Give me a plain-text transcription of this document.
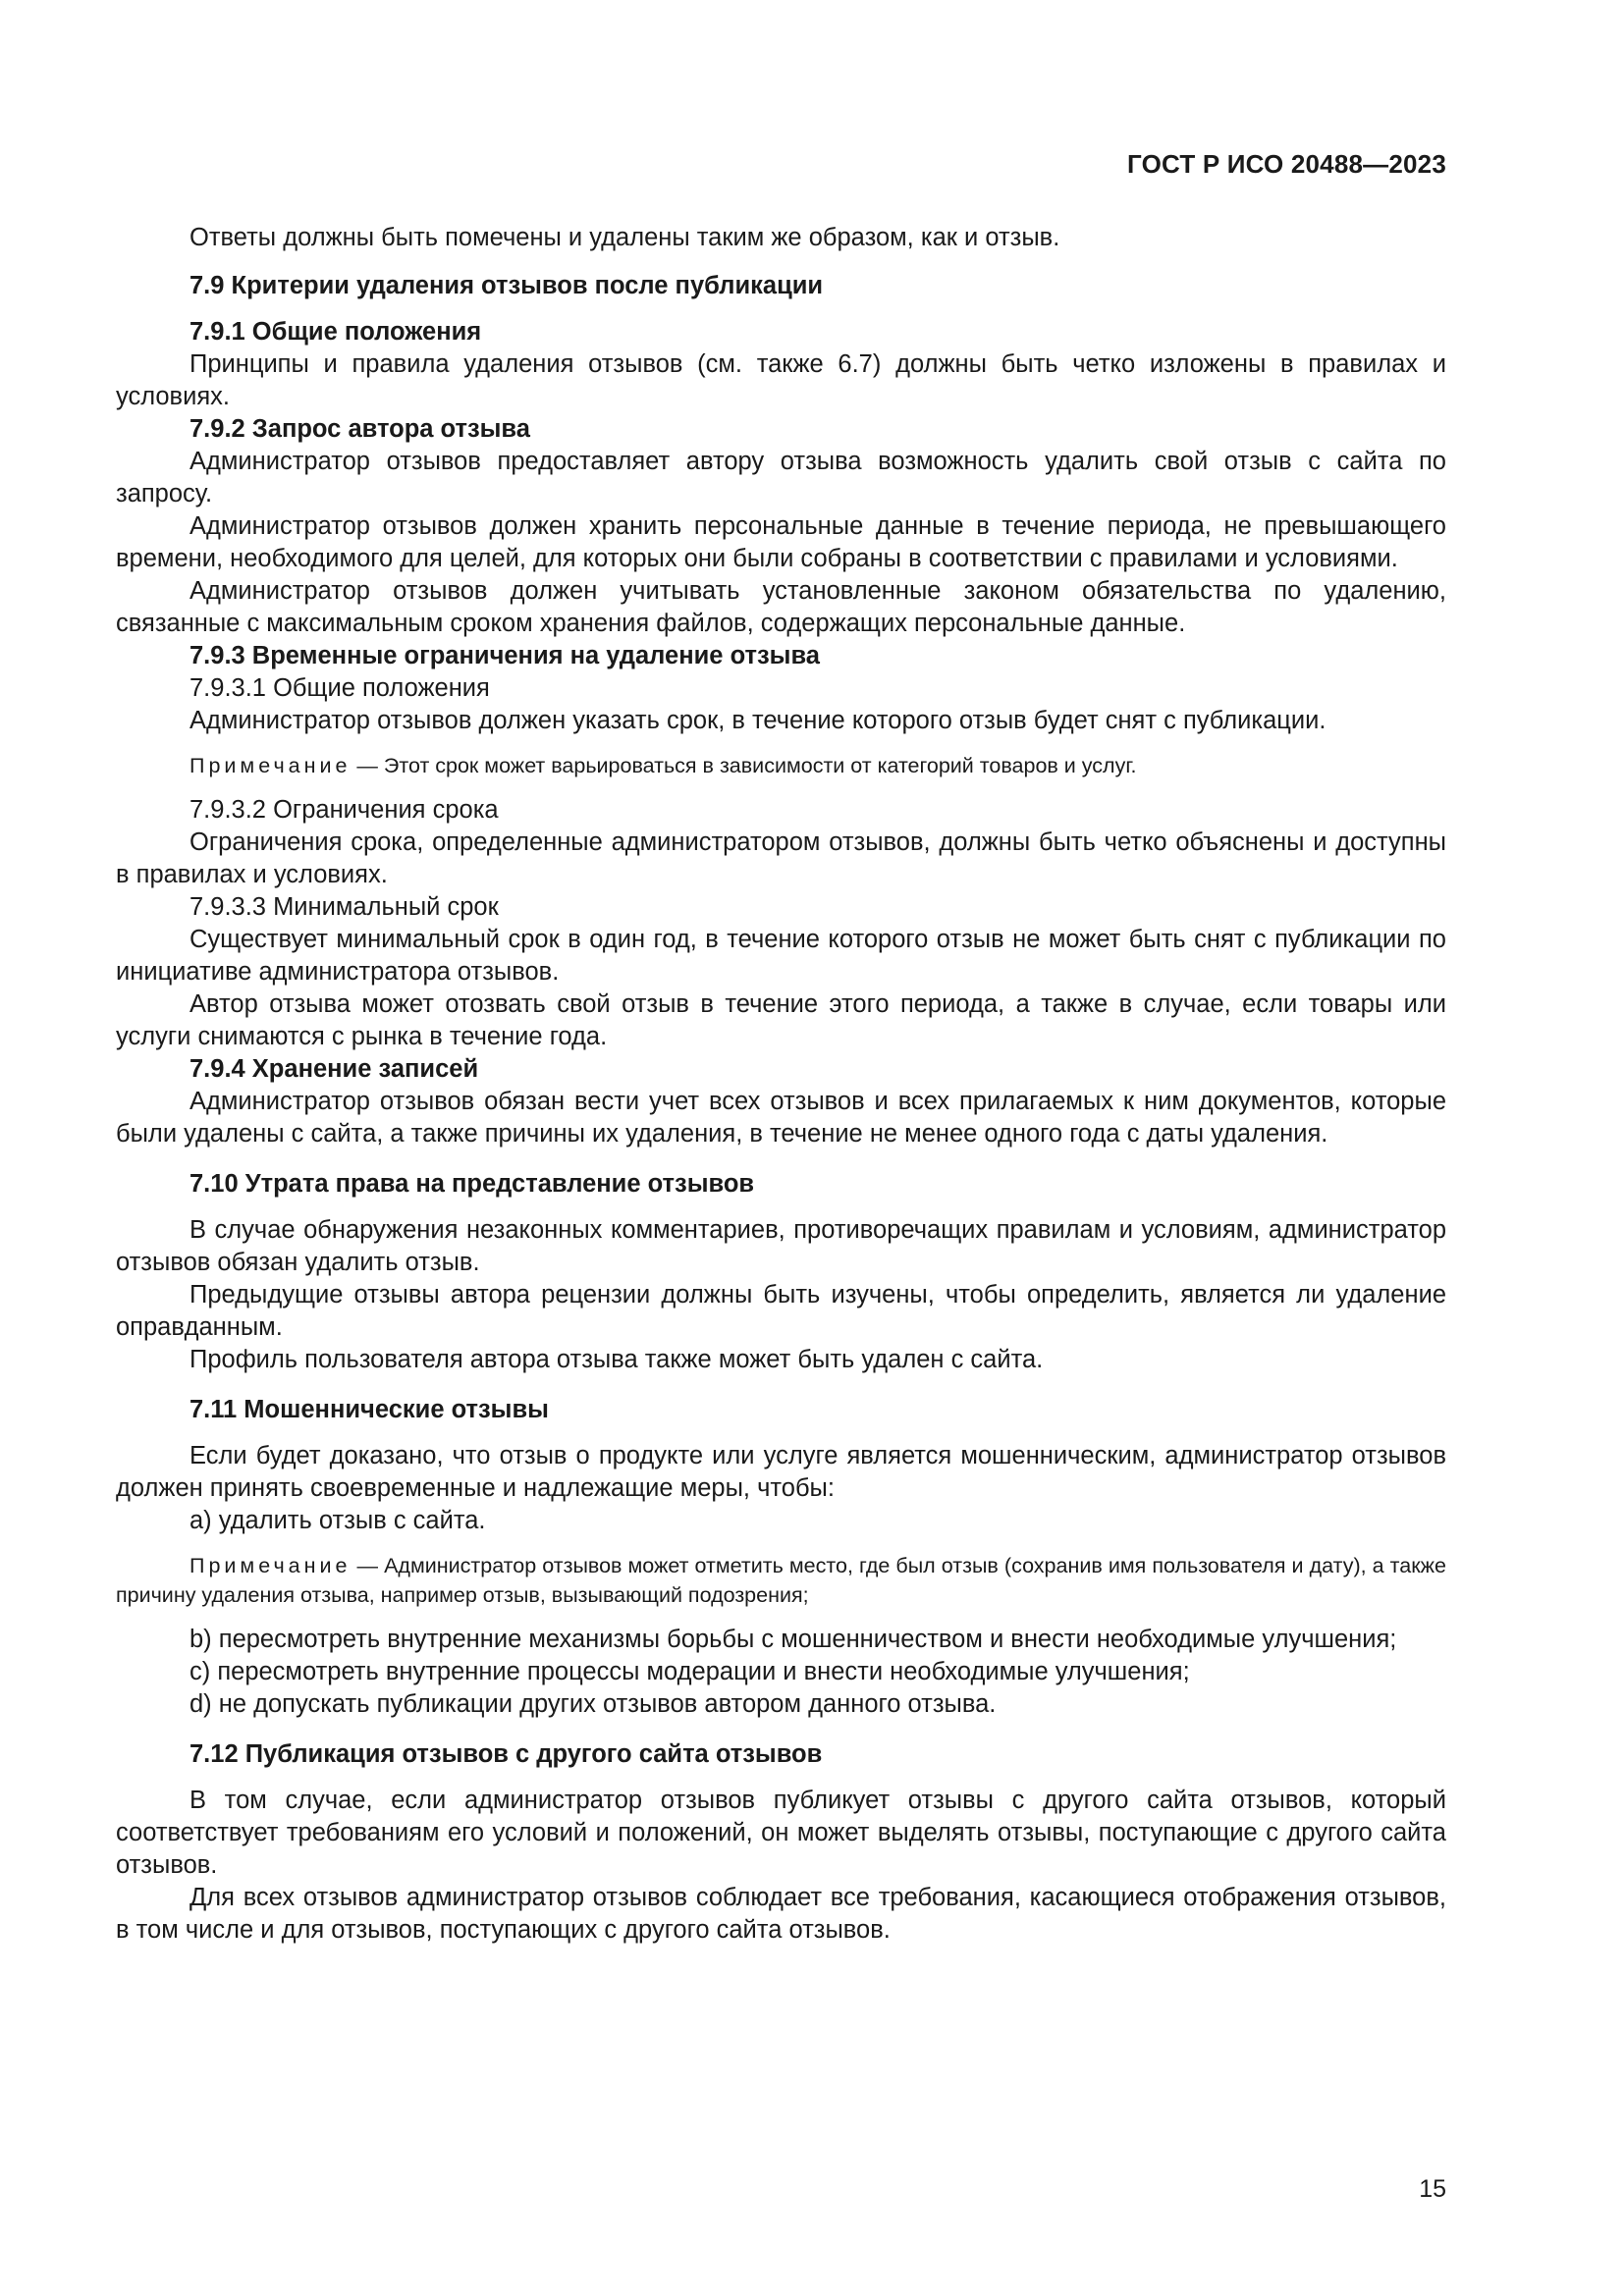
ГОСТ Р ИСО 20488—2023

Ответы должны быть помечены и удалены таким же образом, как и отзыв.

7.9 Критерии удаления отзывов после публикации

7.9.1 Общие положения

Принципы и правила удаления отзывов (см. также 6.7) должны быть четко изложены в правилах и условиях.

7.9.2 Запрос автора отзыва

Администратор отзывов предоставляет автору отзыва возможность удалить свой отзыв с сайта по запросу.

Администратор отзывов должен хранить персональные данные в течение периода, не превышающего времени, необходимого для целей, для которых они были собраны в соответствии с правилами и условиями.

Администратор отзывов должен учитывать установленные законом обязательства по удалению, связанные с максимальным сроком хранения файлов, содержащих персональные данные.

7.9.3 Временные ограничения на удаление отзыва

7.9.3.1 Общие положения

Администратор отзывов должен указать срок, в течение которого отзыв будет снят с публикации.

Примечание — Этот срок может варьироваться в зависимости от категорий товаров и услуг.

7.9.3.2 Ограничения срока

Ограничения срока, определенные администратором отзывов, должны быть четко объяснены и доступны в правилах и условиях.

7.9.3.3 Минимальный срок

Существует минимальный срок в один год, в течение которого отзыв не может быть снят с публикации по инициативе администратора отзывов.

Автор отзыва может отозвать свой отзыв в течение этого периода, а также в случае, если товары или услуги снимаются с рынка в течение года.

7.9.4 Хранение записей

Администратор отзывов обязан вести учет всех отзывов и всех прилагаемых к ним документов, которые были удалены с сайта, а также причины их удаления, в течение не менее одного года с даты удаления.

7.10 Утрата права на представление отзывов

В случае обнаружения незаконных комментариев, противоречащих правилам и условиям, администратор отзывов обязан удалить отзыв.

Предыдущие отзывы автора рецензии должны быть изучены, чтобы определить, является ли удаление оправданным.

Профиль пользователя автора отзыва также может быть удален с сайта.

7.11 Мошеннические отзывы

Если будет доказано, что отзыв о продукте или услуге является мошенническим, администратор отзывов должен принять своевременные и надлежащие меры, чтобы:

a) удалить отзыв с сайта.

Примечание — Администратор отзывов может отметить место, где был отзыв (сохранив имя пользователя и дату), а также причину удаления отзыва, например отзыв, вызывающий подозрения;

b) пересмотреть внутренние механизмы борьбы с мошенничеством и внести необходимые улучшения;

c) пересмотреть внутренние процессы модерации и внести необходимые улучшения;

d) не допускать публикации других отзывов автором данного отзыва.

7.12 Публикация отзывов с другого сайта отзывов

В том случае, если администратор отзывов публикует отзывы с другого сайта отзывов, который соответствует требованиям его условий и положений, он может выделять отзывы, поступающие с другого сайта отзывов.

Для всех отзывов администратор отзывов соблюдает все требования, касающиеся отображения отзывов, в том числе и для отзывов, поступающих с другого сайта отзывов.

15
